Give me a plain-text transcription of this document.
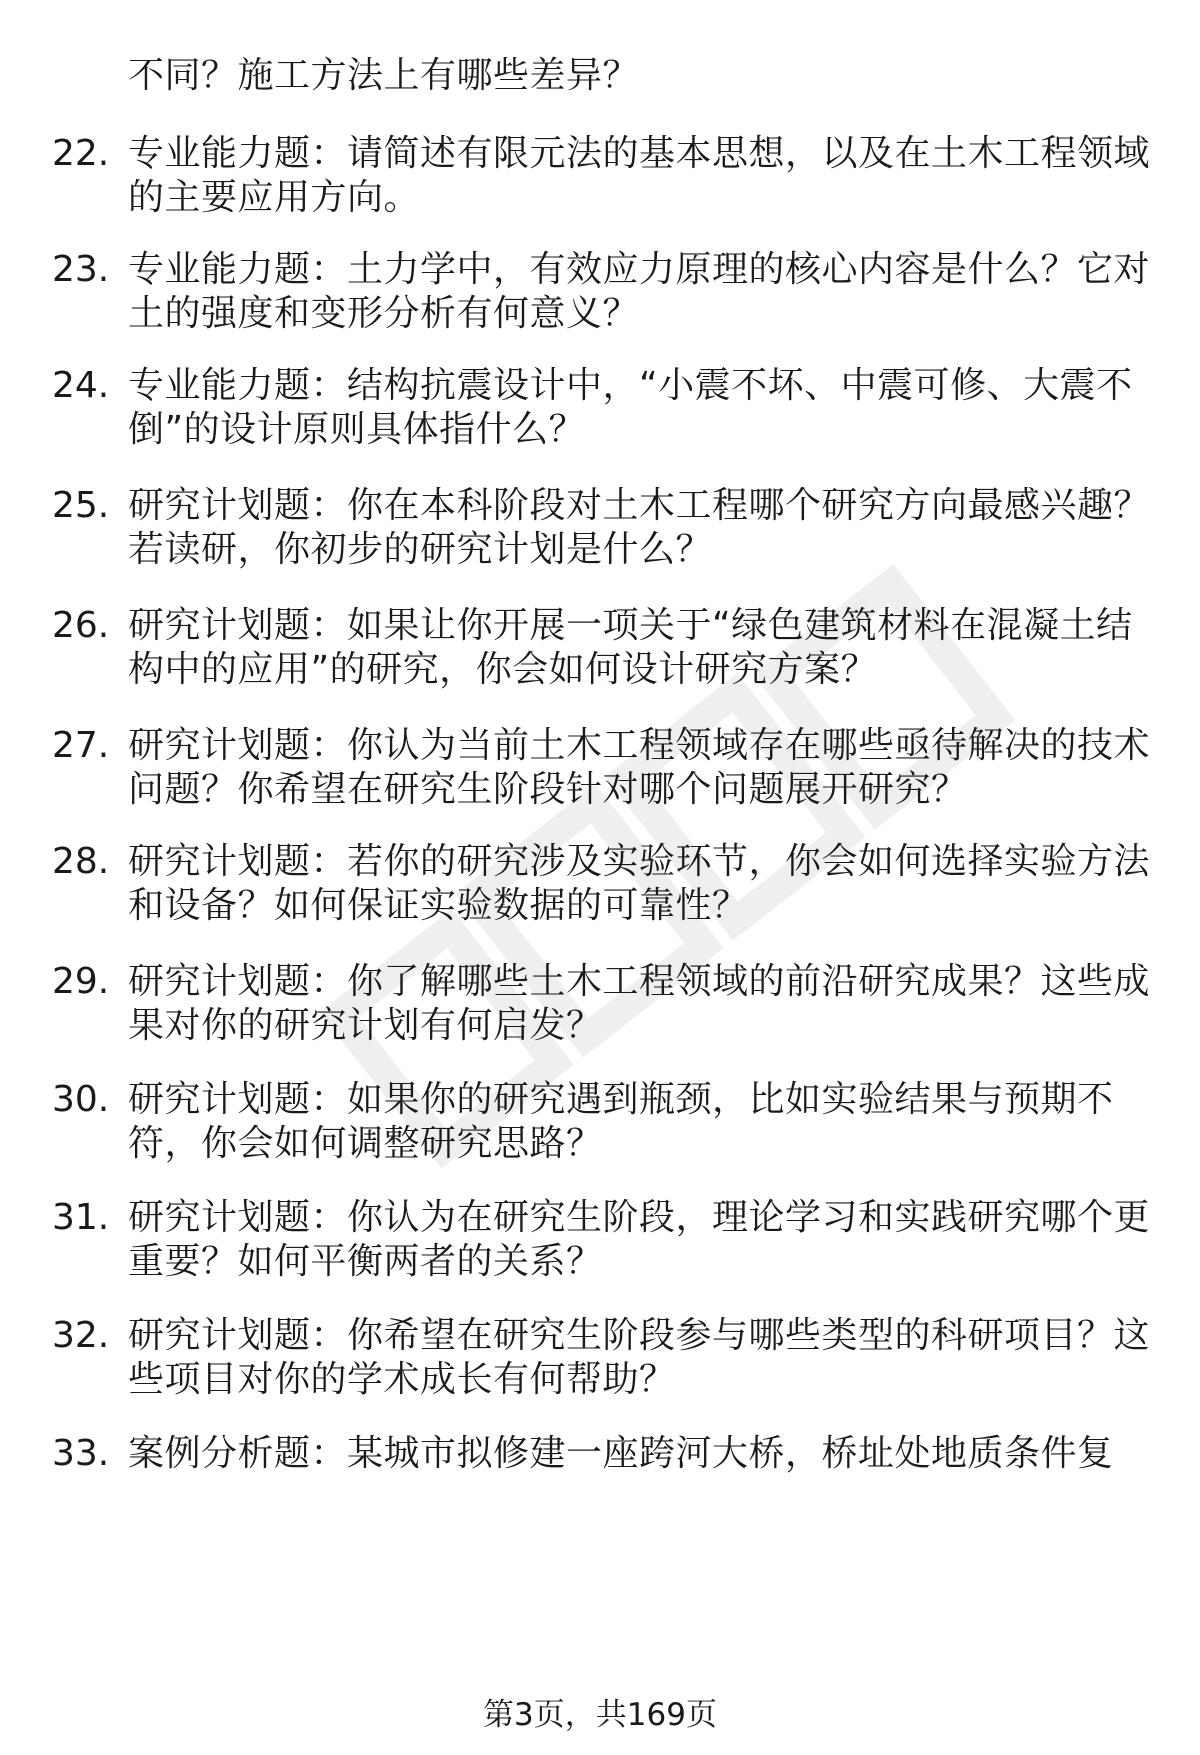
不同？施工方法上有哪些差异？
22. 专业能力题：请简述有限元法的基本思想，以及在土木工程领域
的主要应用方向。
23. 专业能力题：土力学中，有效应力原理的核心内容是什么？它对
土的强度和变形分析有何意义？
24. 专业能力题：结构抗震设计中，“小震不坏、中震可修、大震不
倒”的设计原则具体指什么？
25. 研究计划题：你在本科阶段对土木工程哪个研究方向最感兴趣？
若读研，你初步的研究计划是什么？
26. 研究计划题：如果让你开展一项关于“绿色建筑材料在混凝土结
构中的应用”的研究，你会如何设计研究方案？
27. 研究计划题：你认为当前土木工程领域存在哪些亟待解决的技术
问题？你希望在研究生阶段针对哪个问题展开研究？
28. 研究计划题：若你的研究涉及实验环节，你会如何选择实验方法
和设备？如何保证实验数据的可靠性？
29. 研究计划题：你了解哪些土木工程领域的前沿研究成果？这些成
果对你的研究计划有何启发？
30. 研究计划题：如果你的研究遇到瓶颈，比如实验结果与预期不
符，你会如何调整研究思路？
31. 研究计划题：你认为在研究生阶段，理论学习和实践研究哪个更
重要？如何平衡两者的关系？
32. 研究计划题：你希望在研究生阶段参与哪些类型的科研项目？这
些项目对你的学术成长有何帮助？
33. 案例分析题：某城市拟修建一座跨河大桥，桥址处地质条件复
第3页，共169页
